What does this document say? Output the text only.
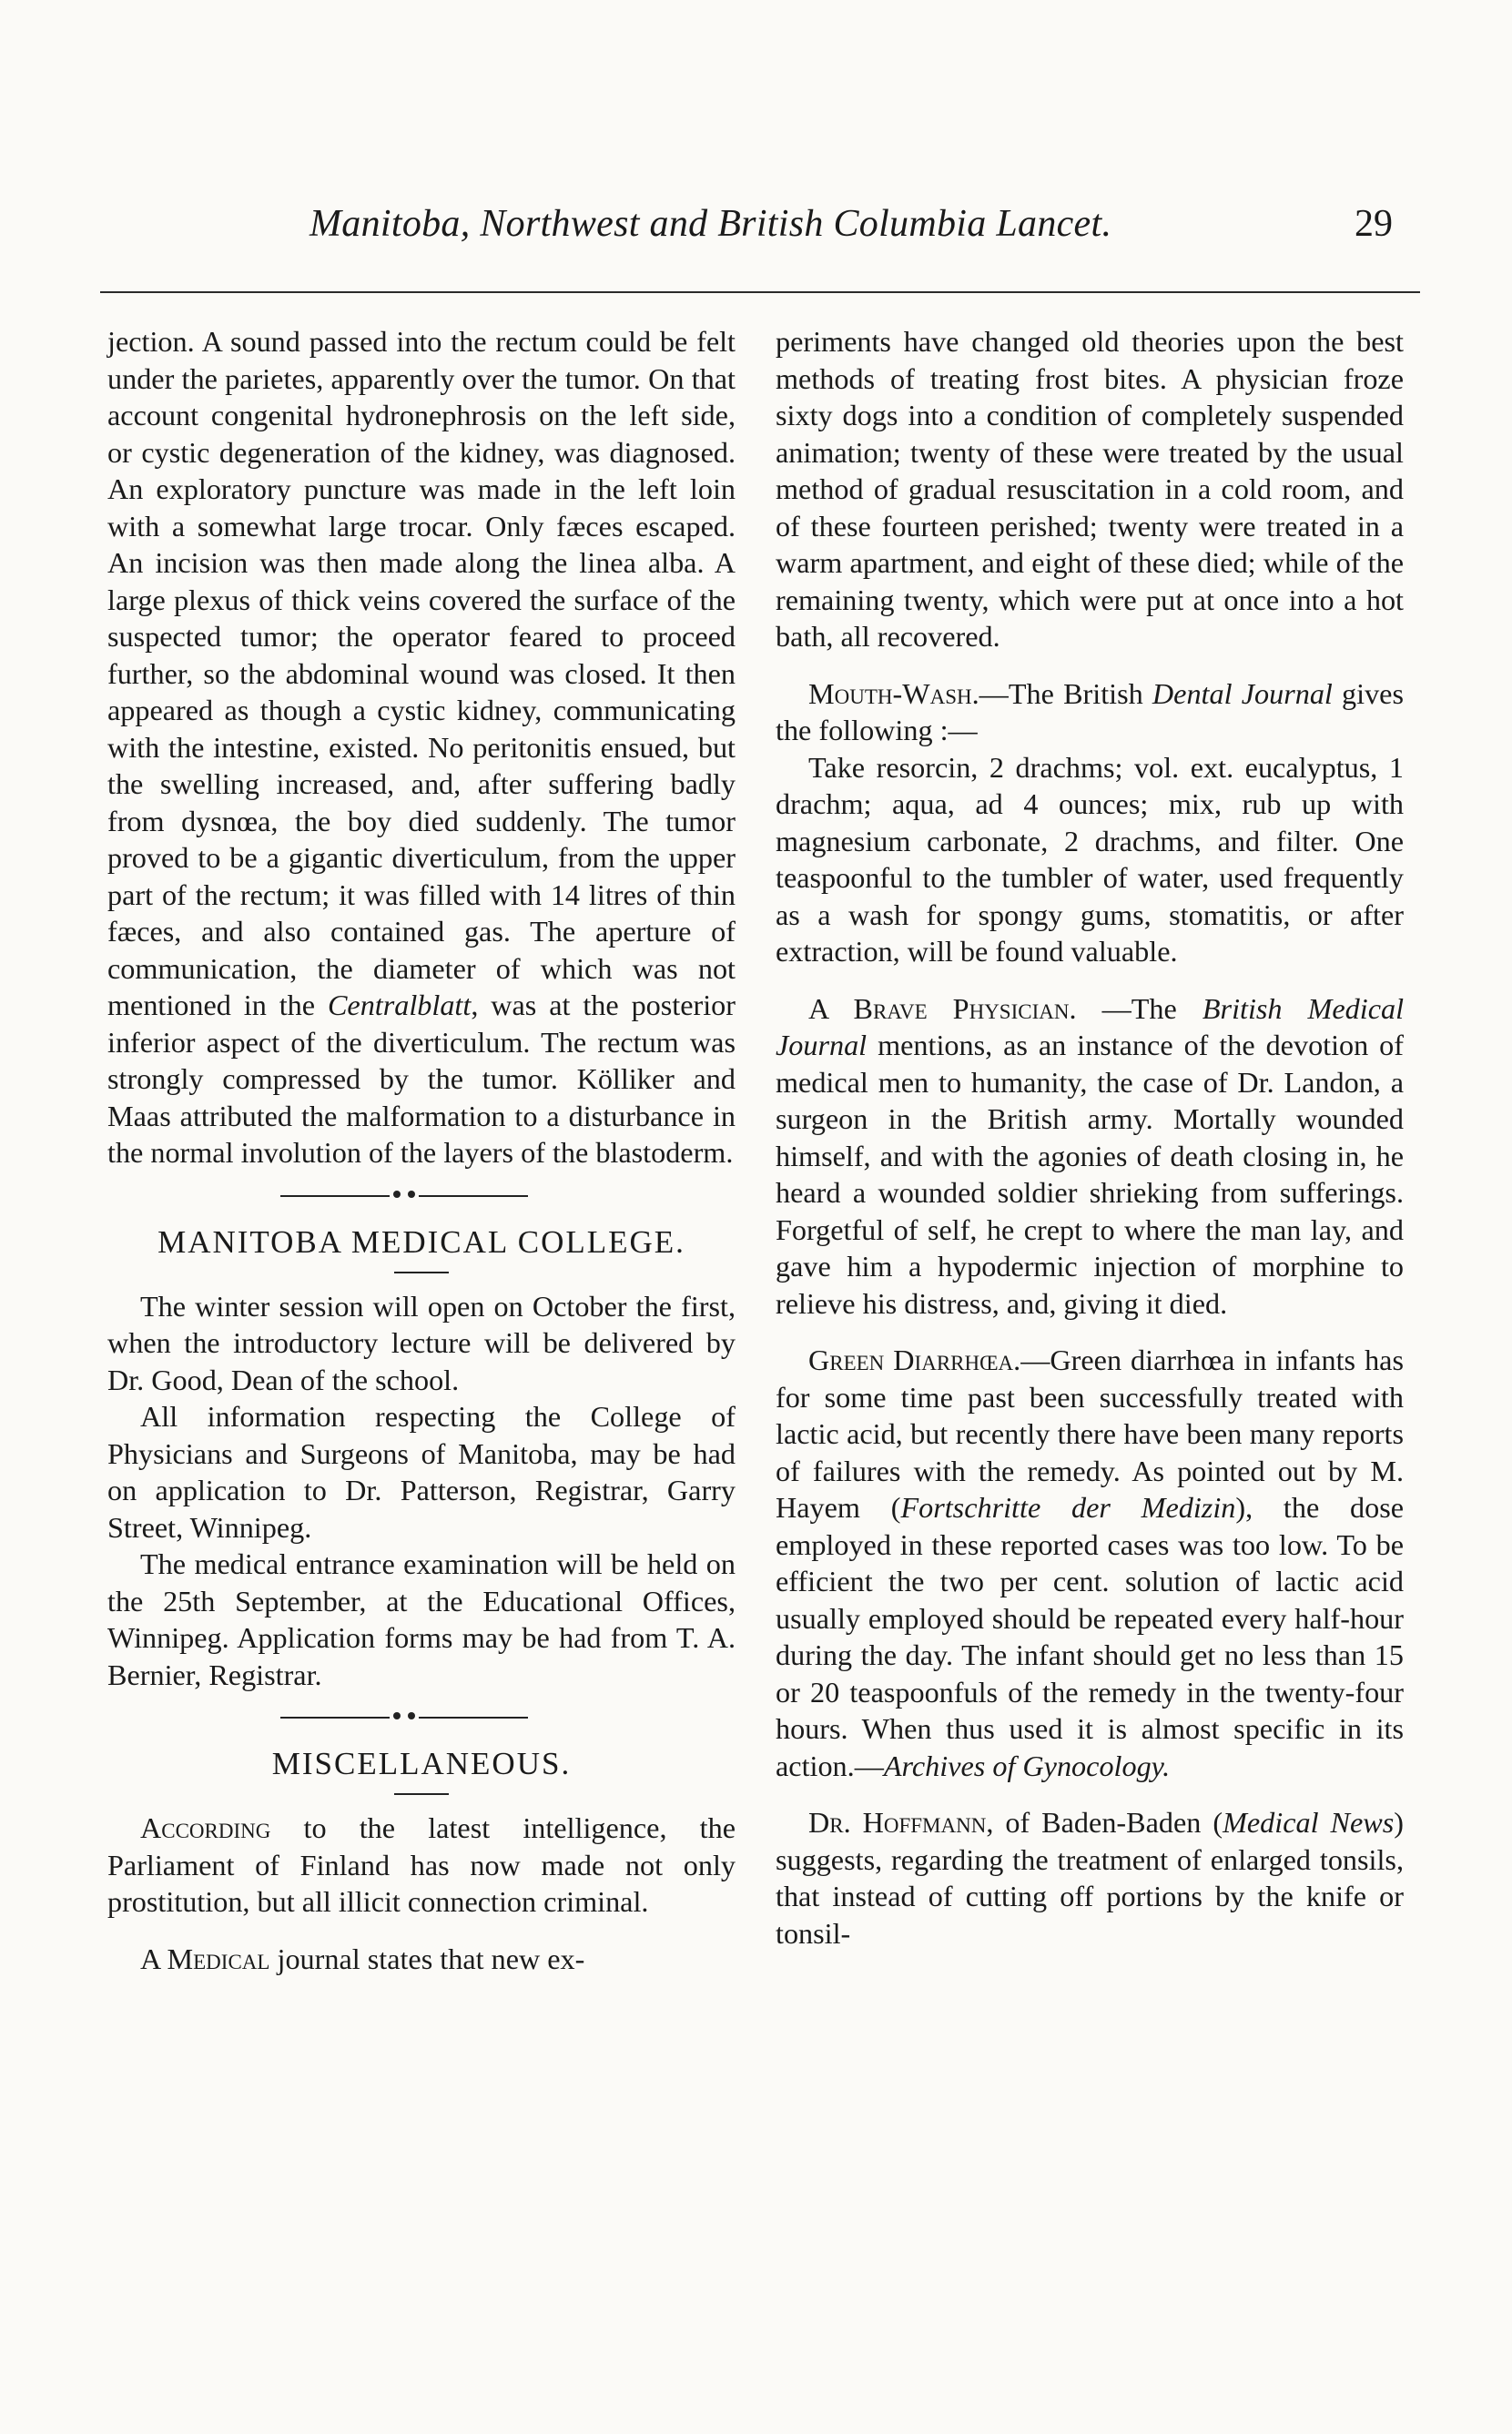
Manitoba, Northwest and British Columbia Lancet.	29

jection. A sound passed into the rectum could be felt under the parietes, apparently over the tumor. On that account congenital hydronephrosis on the left side, or cystic degeneration of the kidney, was diagnosed. An exploratory puncture was made in the left loin with a somewhat large trocar. Only fæces escaped. An incision was then made along the linea alba. A large plexus of thick veins covered the surface of the suspected tumor; the operator feared to proceed further, so the abdominal wound was closed. It then appeared as though a cystic kidney, communicating with the intestine, existed. No peritonitis ensued, but the swelling increased, and, after suffering badly from dysnœa, the boy died suddenly. The tumor proved to be a gigantic diverticulum, from the upper part of the rectum; it was filled with 14 litres of thin fæces, and also contained gas. The aperture of communication, the diameter of which was not mentioned in the Centralblatt, was at the posterior inferior aspect of the diverticulum. The rectum was strongly compressed by the tumor. Kölliker and Maas attributed the malformation to a disturbance in the normal involution of the layers of the blastoderm.

MANITOBA MEDICAL COLLEGE.

The winter session will open on October the first, when the introductory lecture will be delivered by Dr. Good, Dean of the school.

All information respecting the College of Physicians and Surgeons of Manitoba, may be had on application to Dr. Patterson, Registrar, Garry Street, Winnipeg.

The medical entrance examination will be held on the 25th September, at the Educational Offices, Winnipeg. Application forms may be had from T. A. Bernier, Registrar.

MISCELLANEOUS.

According to the latest intelligence, the Parliament of Finland has now made not only prostitution, but all illicit connection criminal.

A Medical journal states that new ex-

periments have changed old theories upon the best methods of treating frost bites. A physician froze sixty dogs into a condition of completely suspended animation; twenty of these were treated by the usual method of gradual resuscitation in a cold room, and of these fourteen perished; twenty were treated in a warm apartment, and eight of these died; while of the remaining twenty, which were put at once into a hot bath, all recovered.

Mouth-Wash.—The British Dental Journal gives the following :—

Take resorcin, 2 drachms; vol. ext. eucalyptus, 1 drachm; aqua, ad 4 ounces; mix, rub up with magnesium carbonate, 2 drachms, and filter. One teaspoonful to the tumbler of water, used frequently as a wash for spongy gums, stomatitis, or after extraction, will be found valuable.

A Brave Physician. —The British Medical Journal mentions, as an instance of the devotion of medical men to humanity, the case of Dr. Landon, a surgeon in the British army. Mortally wounded himself, and with the agonies of death closing in, he heard a wounded soldier shrieking from sufferings. Forgetful of self, he crept to where the man lay, and gave him a hypodermic injection of morphine to relieve his distress, and, giving it died.

Green Diarrhœa.—Green diarrhœa in infants has for some time past been successfully treated with lactic acid, but recently there have been many reports of failures with the remedy. As pointed out by M. Hayem (Fortschritte der Medizin), the dose employed in these reported cases was too low. To be efficient the two per cent. solution of lactic acid usually employed should be repeated every half-hour during the day. The infant should get no less than 15 or 20 teaspoonfuls of the remedy in the twenty-four hours. When thus used it is almost specific in its action.—Archives of Gynocology.

Dr. Hoffmann, of Baden-Baden (Medical News) suggests, regarding the treatment of enlarged tonsils, that instead of cutting off portions by the knife or tonsil-
